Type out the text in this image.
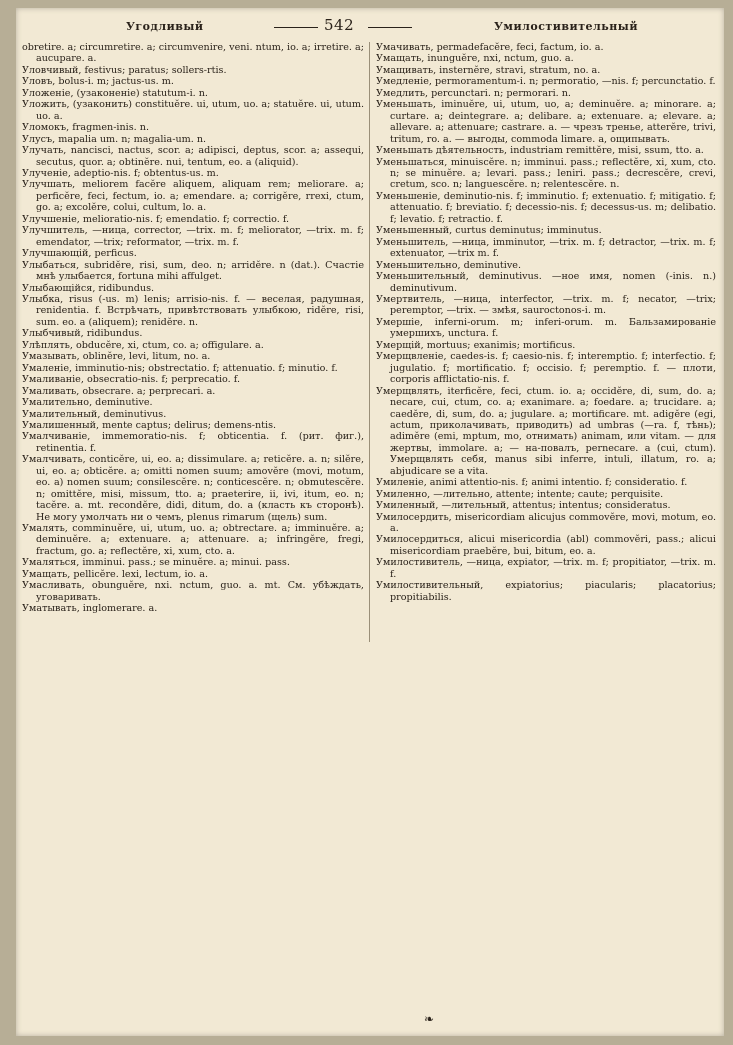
Угодливый	542	Умилостивительный

obretire. a; circumretire. a; circumvenire, veni. ntum, io. a; irretire. a; aucupare. a.

Уловчивый, festivus; paratus; sollers-rtis.

Уловъ, bolus-i. m; jactus-us. m.

Уложеніе, (узаконеніе) statutum-i. n.

Уложить, (узаконить) constituĕre. ui, utum, uo. a; statuĕre. ui, utum. uo. a.

Уломокъ, fragmen-inis. n.

Улусъ, mapalia um. n; magalia-um. n.

Улучать, nancisci, nactus, scor. a; adipisci, deptus, scor. a; assequi, secutus, quor. a; obtinĕre. nui, tentum, eo. a (aliquid).

Улученіе, adeptio-nis. f; obtentus-us. m.

Улучшать, meliorem facĕre aliquem, aliquam rem; meliorare. a; perficĕre, feci, fectum, io. a; emendare. a; corrigĕre, rrexi, ctum, go. a; excolĕre, colui, cultum, lo. a.

Улучшеніе, melioratio-nis. f; emendatio. f; correctio. f.

Улучшитель, —ница, corrector, —trix. m. f; meliorator, —trix. m. f; emendator, —trix; reformator, —trix. m. f.

Улучшающій, perficus.

Улыбаться, subridĕre, risi, sum, deo. n; arridĕre. n (dat.). Счастіе мнѣ улыбается, fortuna mihi affulget.

Улыбающійся, ridibundus.

Улыбка, risus (-us. m) lenis; arrisio-nis. f. — веселая, радушная, renidentia. f. Встрѣчать, привѣтствовать улыбкою, ridĕre, risi, sum. eo. a (aliquem); renidĕre. n.

Улыбчивый, ridibundus.

Улѣплять, obducĕre, xi, ctum, co. a; offigulare. a.

Умазывать, oblinĕre, levi, litum, no. a.

Умаленіе, imminutio-nis; obstrectatio. f; attenuatio. f; minutio. f.

Умаливаніе, obsecratio-nis. f; perprecatio. f.

Умаливать, obsecrare. a; perprecari. a.

Умалительно, deminutive.

Умалительный, deminutivus.

Умалишенный, mente captus; delirus; demens-ntis.

Умалчиваніе, immemoratio-nis. f; obticentia. f. (рит. фиг.), retinentia. f.

Умалчивать, conticĕre, ui, eo. a; dissimulare. a; reticĕre. a. n; silĕre, ui, eo. a; obticĕre. a; omitti nomen suum; amovĕre (movi, motum, eo. a) nomen suum; consilescĕre. n; conticescĕre. n; obmutescĕre. n; omittĕre, misi, missum, tto. a; praeterire, ii, ivi, itum, eo. n; tacĕre. a. mt. recondĕre, didi, ditum, do. a (класть къ сторонѣ). Не могу умолчать ни о чемъ, plenus rimarum (щель) sum.

Умалять, comminuĕre, ui, utum, uo. a; obtrectare. a; imminuĕre. a; deminuĕre. a; extenuare. a; attenuare. a; infringĕre, fregi, fractum, go. a; reflectĕre, xi, xum, cto. a.

Умаляться, imminui. pass.; se minuĕre. a; minui. pass.

Умащать, pellicĕre. lexi, lectum, io. a.

Умасливать, obunguĕre, nxi. nctum, guo. a. mt. См. убѣждать, уговаривать.

Уматывать, inglomerare. a.

Умачивать, permadefacĕre, feci, factum, io. a.

Умащать, inunguĕre, nxi, nctum, guo. a.

Умащивать, insternĕre, stravi, stratum, no. a.

Умедленіе, permoramentum-i. n; permoratio, —nis. f; percunctatio. f.

Умедлить, percunctari. n; permorari. n.

Уменьшать, iminuĕre, ui, utum, uo, a; deminuĕre. a; minorare. a; curtare. a; deintegrare. a; delibare. a; extenuare. a; elevare. a; allevare. a; attenuare; castrare. a. — чрезъ тренье, atterĕre, trivi, tritum, ro. a. — выгоды, commoda limare. a, ощипывать.

Уменьшать дѣятельность, industriam remittĕre, misi, ssum, tto. a.

Уменьшаться, minuisсĕre. n; imminui. pass.; reflectĕre, xi, xum, cto. n; se minuĕre. a; levari. pass.; leniri. pass.; decrescĕre, crevi, cretum, sco. n; languescĕre. n; relentescĕre. n.

Уменьшеніе, deminutio-nis. f; imminutio. f; extenuatio. f; mitigatio. f; attenuatio. f; breviatio. f; decessio-nis. f; decessus-us. m; delibatio. f; levatio. f; retractio. f.

Уменьшенный, curtus deminutus; imminutus.

Уменьшитель, —ница, imminutor, —trix. m. f; detractor, —trix. m. f; extenuator, —trix m. f.

Уменьшительно, deminutive.

Уменьшительный, deminutivus. —ное имя, nomen (-inis. n.) deminutivum.

Умертвитель, —ница, interfector, —trix. m. f; necator, —trix; peremptor, —trix. — змѣя, sauroctonos-i. m.

Умершіе, inferni-orum. m; inferi-orum. m. Бальзамированіе умершихъ, unctura. f.

Умерщій, mortuus; exanimis; mortificus.

Умерщвленіе, caedes-is. f; caesio-nis. f; interemptio. f; interfectio. f; jugulatio. f; mortificatio. f; occisio. f; peremptio. f. — плоти, corporis afflictatio-nis. f.

Умерщвлять, iterficĕre, feci, ctum. io. a; occidĕre, di, sum, do. a; necare, cui, ctum, co. a; exanimare. a; foedare. a; trucidare. a; caedĕre, di, sum, do. a; jugulare. a; mortificare. mt. adigĕre (egi, actum, приколачивать, приводить) ad umbras (—ra. f, тѣнь); adimĕre (emi, mptum, mo, отнимать) animam, или vitam. — для жертвы, immolare. a; — на-повалъ, pernecare. a (cui, ctum). Умерщвлять себя, manus sibi inferre, intuli, illatum, ro. a; abjudicare se a vita.

Умиленіе, animi attentio-nis. f; animi intentio. f; consideratio. f.

Умиленно, —лительно, attente; intente; caute; perquisite.

Умиленный, —лительный, attentus; intentus; consideratus.

Умилосердить, misericordiam alicujus commovĕre, movi, motum, eo. a.

Умилосердиться, alicui misericordia (abl) commovĕri, pass.; alicui misericordiam praebĕre, bui, bitum, eo. a.

Умилостивитель, —ница, expiator, —trix. m. f; propitiator, —trix. m. f.

Умилостивительный, expiatorius; piacularis; placatorius; propitiabilis.

❧
